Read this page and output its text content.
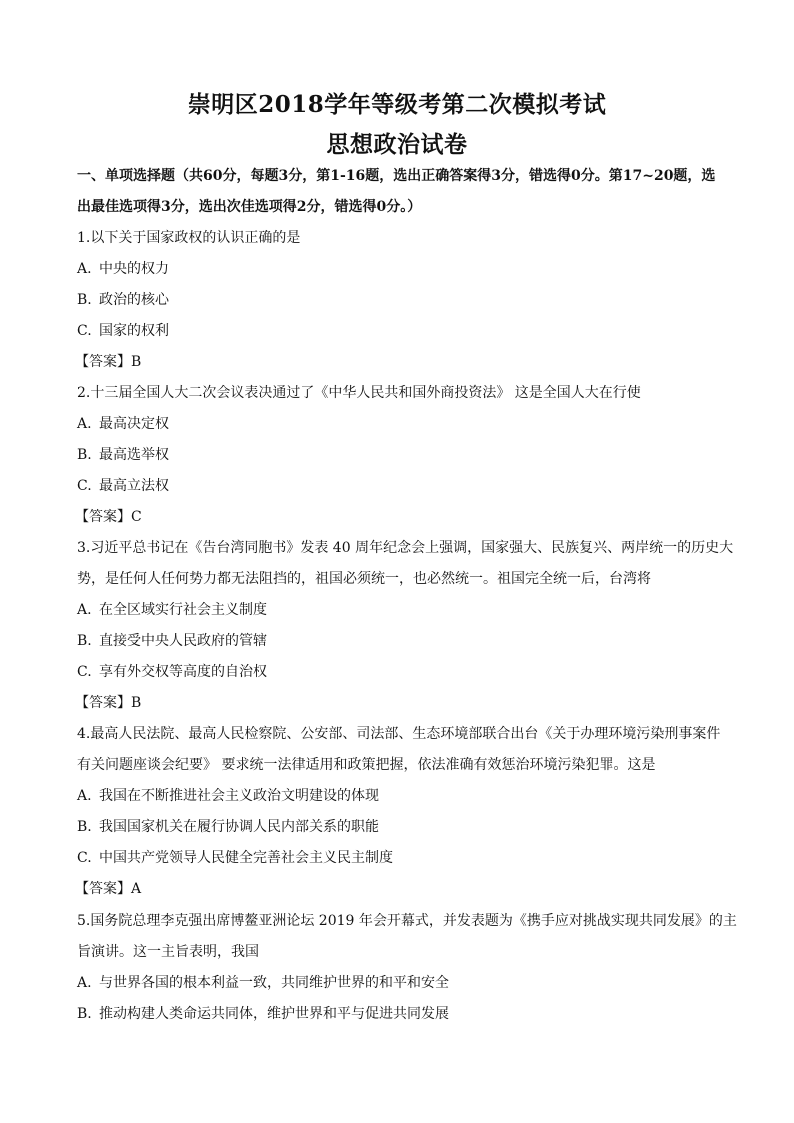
崇明区2018学年等级考第二次模拟考试
思想政治试卷
一、单项选择题（共60分，每题3分，第1-16题，选出正确答案得3分，错选得0分。第17~20题，选
出最佳选项得3分，选出次佳选项得2分，错选得0分。）
1.以下关于国家政权的认识正确的是
A. 中央的权力
B. 政治的核心
C. 国家的权利
【答案】B
2.十三届全国人大二次会议表决通过了《中华人民共和国外商投资法》 这是全国人大在行使
A. 最高决定权
B. 最高选举权
C. 最高立法权
【答案】C
3.习近平总书记在《告台湾同胞书》发表 40 周年纪念会上强调，国家强大、民族复兴、两岸统一的历史大
势，是任何人任何势力都无法阻挡的，祖国必须统一，也必然统一。祖国完全统一后，台湾将
A. 在全区域实行社会主义制度
B. 直接受中央人民政府的管辖
C. 享有外交权等高度的自治权
【答案】B
4.最高人民法院、最高人民检察院、公安部、司法部、生态环境部联合出台《关于办理环境污染刑事案件
有关问题座谈会纪要》 要求统一法律适用和政策把握，依法准确有效惩治环境污染犯罪。这是
A. 我国在不断推进社会主义政治文明建设的体现
B. 我国国家机关在履行协调人民内部关系的职能
C. 中国共产党领导人民健全完善社会主义民主制度
【答案】A
5.国务院总理李克强出席博鳌亚洲论坛 2019 年会开幕式，并发表题为《携手应对挑战实现共同发展》的主
旨演讲。这一主旨表明，我国
A. 与世界各国的根本利益一致，共同维护世界的和平和安全
B. 推动构建人类命运共同体，维护世界和平与促进共同发展
